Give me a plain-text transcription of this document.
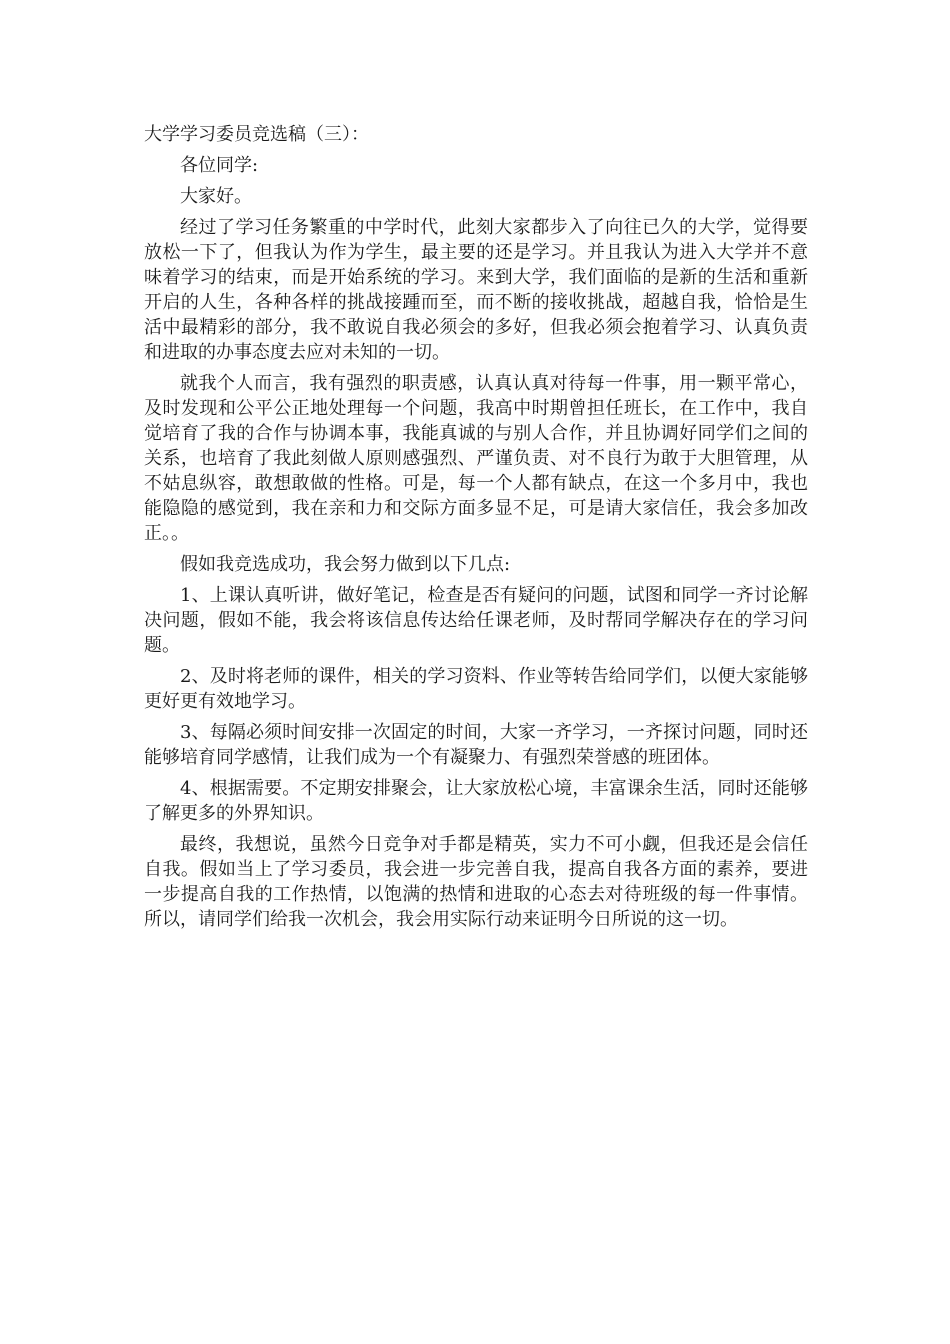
大学学习委员竞选稿（三）：

各位同学:

大家好。

经过了学习任务繁重的中学时代，此刻大家都步入了向往已久的大学，觉得要放松一下了，但我认为作为学生，最主要的还是学习。并且我认为进入大学并不意味着学习的结束，而是开始系统的学习。来到大学，我们面临的是新的生活和重新开启的人生，各种各样的挑战接踵而至，而不断的接收挑战，超越自我，恰恰是生活中最精彩的部分，我不敢说自我必须会的多好，但我必须会抱着学习、认真负责和进取的办事态度去应对未知的一切。

就我个人而言，我有强烈的职责感，认真认真对待每一件事，用一颗平常心，及时发现和公平公正地处理每一个问题，我高中时期曾担任班长，在工作中，我自觉培育了我的合作与协调本事，我能真诚的与别人合作，并且协调好同学们之间的关系，也培育了我此刻做人原则感强烈、严谨负责、对不良行为敢于大胆管理，从不姑息纵容，敢想敢做的性格。可是，每一个人都有缺点，在这一个多月中，我也能隐隐的感觉到，我在亲和力和交际方面多显不足，可是请大家信任，我会多加改正。。

假如我竞选成功，我会努力做到以下几点:

1、上课认真听讲，做好笔记，检查是否有疑问的问题，试图和同学一齐讨论解决问题，假如不能，我会将该信息传达给任课老师，及时帮同学解决存在的学习问题。

2、及时将老师的课件，相关的学习资料、作业等转告给同学们，以便大家能够更好更有效地学习。

3、每隔必须时间安排一次固定的时间，大家一齐学习，一齐探讨问题，同时还能够培育同学感情，让我们成为一个有凝聚力、有强烈荣誉感的班团体。

4、根据需要。不定期安排聚会，让大家放松心境，丰富课余生活，同时还能够了解更多的外界知识。

最终，我想说，虽然今日竞争对手都是精英，实力不可小觑，但我还是会信任自我。假如当上了学习委员，我会进一步完善自我，提高自我各方面的素养，要进一步提高自我的工作热情，以饱满的热情和进取的心态去对待班级的每一件事情。所以，请同学们给我一次机会，我会用实际行动来证明今日所说的这一切。
